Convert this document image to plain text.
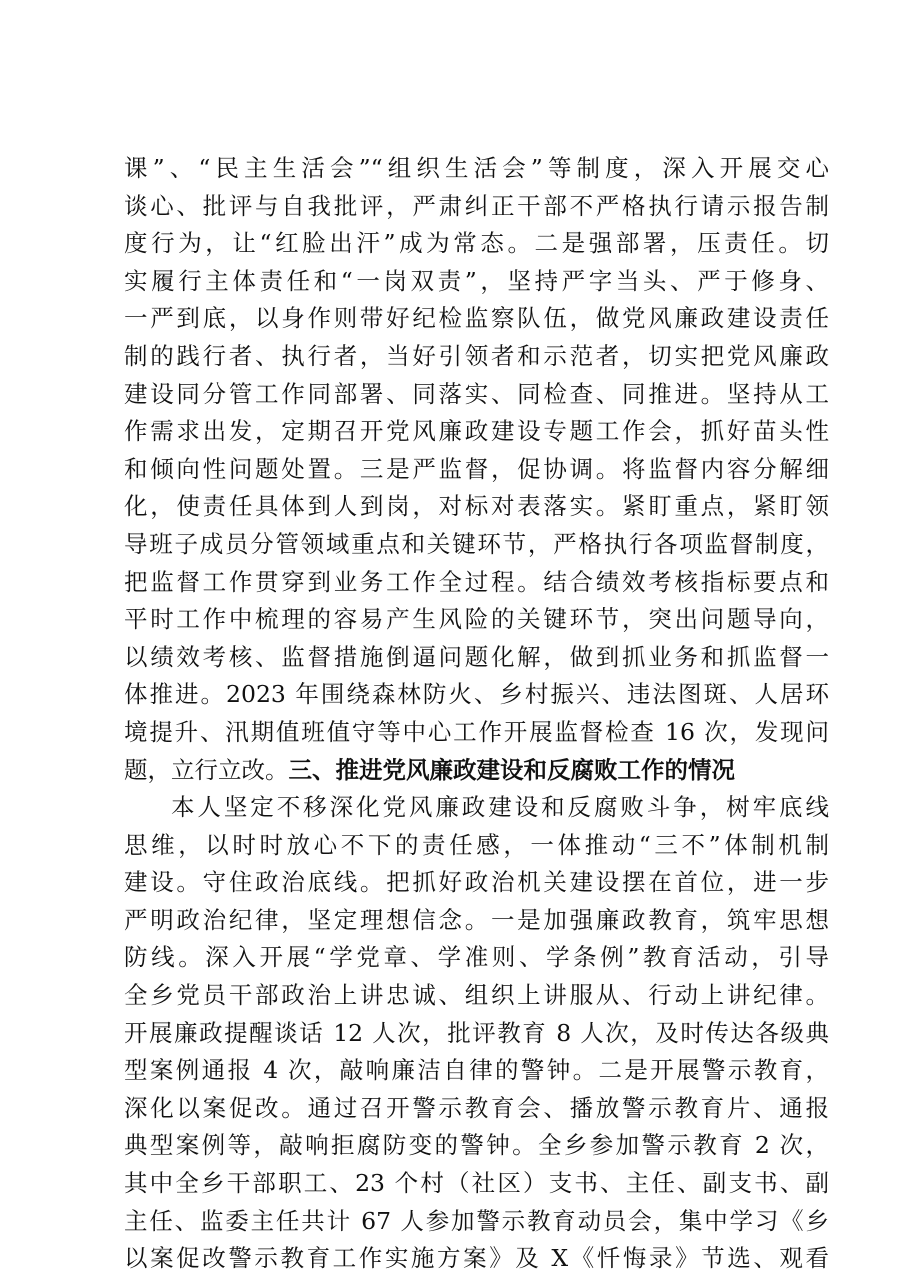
课”、“民主生活会”“组织生活会”等制度，深入开展交心
谈心、批评与自我批评，严肃纠正干部不严格执行请示报告制
度行为，让“红脸出汗”成为常态。二是强部署，压责任。切
实履行主体责任和“一岗双责”，坚持严字当头、严于修身、
一严到底，以身作则带好纪检监察队伍，做党风廉政建设责任
制的践行者、执行者，当好引领者和示范者，切实把党风廉政
建设同分管工作同部署、同落实、同检查、同推进。坚持从工
作需求出发，定期召开党风廉政建设专题工作会，抓好苗头性
和倾向性问题处置。三是严监督，促协调。将监督内容分解细
化，使责任具体到人到岗，对标对表落实。紧盯重点，紧盯领
导班子成员分管领域重点和关键环节，严格执行各项监督制度，
把监督工作贯穿到业务工作全过程。结合绩效考核指标要点和
平时工作中梳理的容易产生风险的关键环节，突出问题导向，
以绩效考核、监督措施倒逼问题化解，做到抓业务和抓监督一
体推进。2023 年围绕森林防火、乡村振兴、违法图斑、人居环
境提升、汛期值班值守等中心工作开展监督检查 16 次，发现问
题，立行立改。三、推进党风廉政建设和反腐败工作的情况
本人坚定不移深化党风廉政建设和反腐败斗争，树牢底线
思维，以时时放心不下的责任感，一体推动“三不”体制机制
建设。守住政治底线。把抓好政治机关建设摆在首位，进一步
严明政治纪律，坚定理想信念。一是加强廉政教育，筑牢思想
防线。深入开展“学党章、学准则、学条例”教育活动，引导
全乡党员干部政治上讲忠诚、组织上讲服从、行动上讲纪律。
开展廉政提醒谈话 12 人次，批评教育 8 人次，及时传达各级典
型案例通报 4 次，敲响廉洁自律的警钟。二是开展警示教育，
深化以案促改。通过召开警示教育会、播放警示教育片、通报
典型案例等，敲响拒腐防变的警钟。全乡参加警示教育 2 次，
其中全乡干部职工、23 个村（社区）支书、主任、副支书、副
主任、监委主任共计 67 人参加警示教育动员会，集中学习《乡
以案促改警示教育工作实施方案》及 X《忏悔录》节选、观看
